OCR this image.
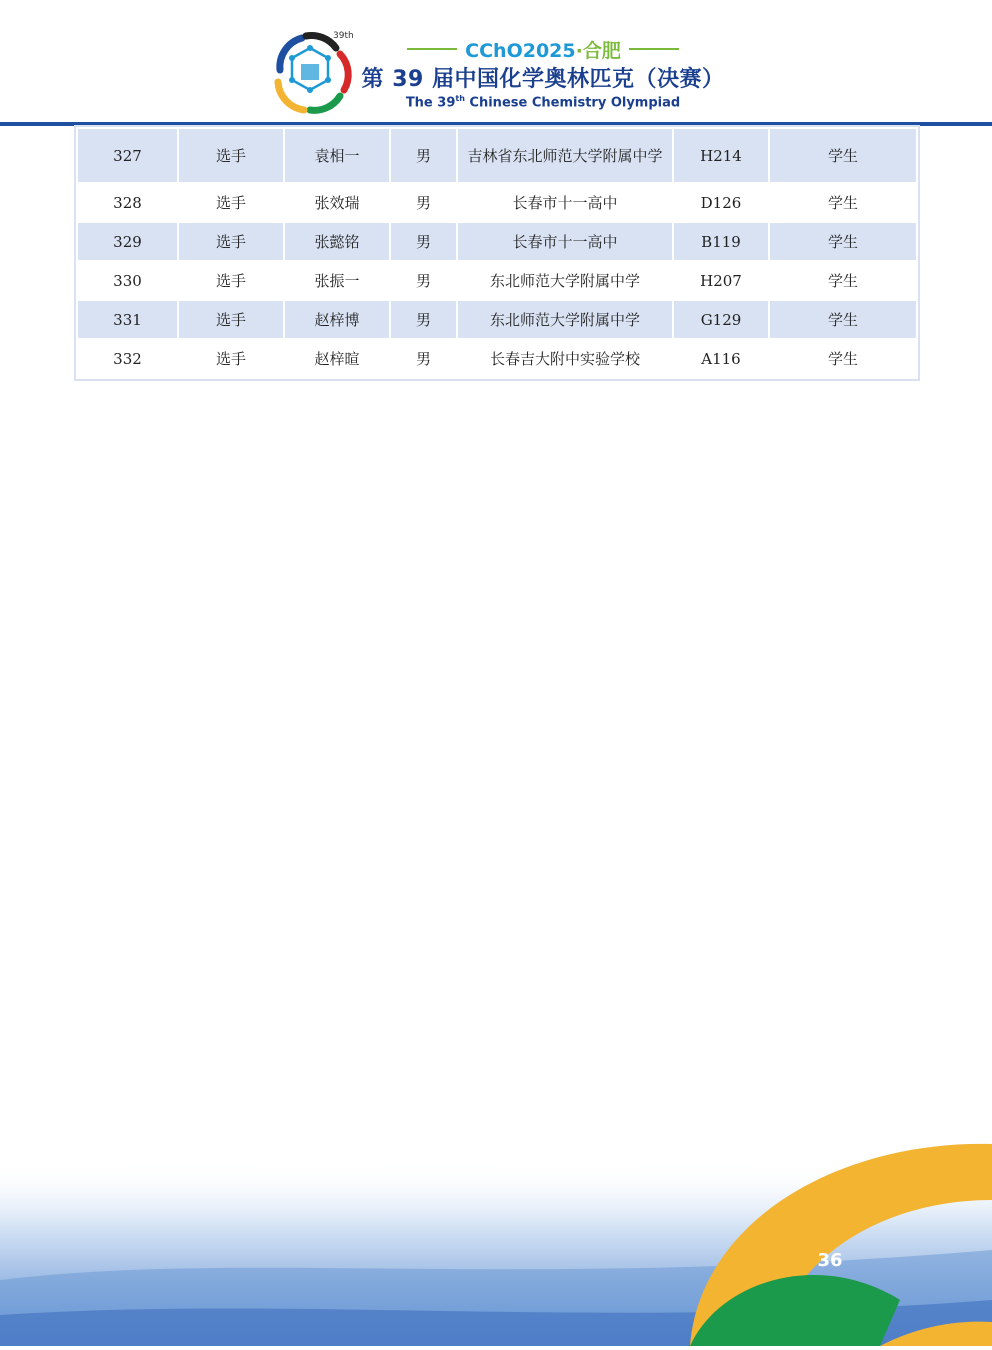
39th
CChO2025·合肥
第 39 届中国化学奥林匹克（决赛）
The 39th Chinese Chemistry Olympiad
327	选手	袁相一	男	吉林省东北师范大学附属中学	H214	学生
328	选手	张效瑞	男	长春市十一高中	D126	学生
329	选手	张懿铭	男	长春市十一高中	B119	学生
330	选手	张振一	男	东北师范大学附属中学	H207	学生
331	选手	赵梓博	男	东北师范大学附属中学	G129	学生
332	选手	赵梓暄	男	长春吉大附中实验学校	A116	学生
36
